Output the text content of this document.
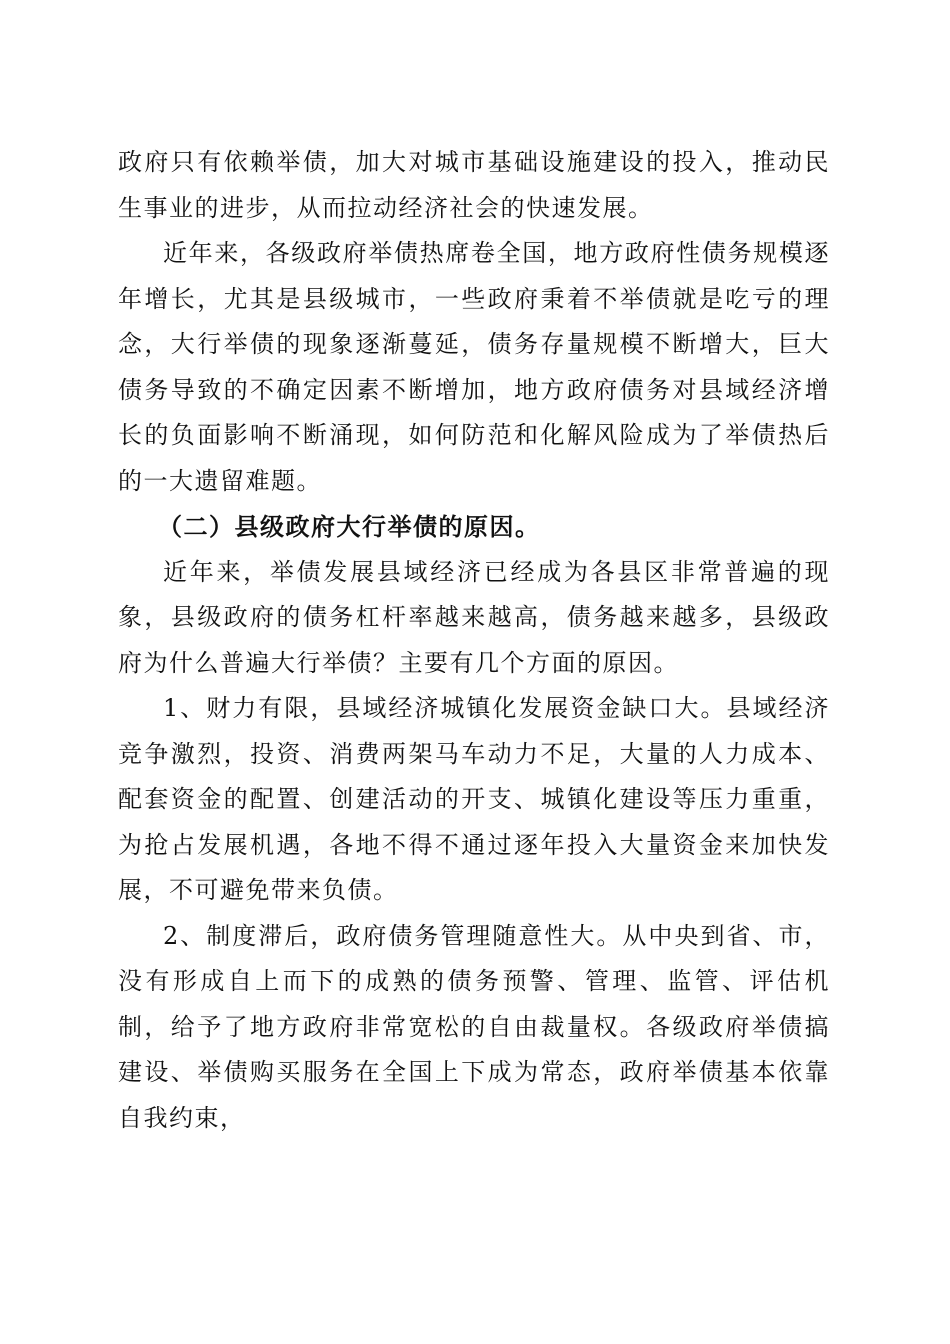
政府只有依赖举债，加大对城市基础设施建设的投入，推动民生事业的进步，从而拉动经济社会的快速发展。

近年来，各级政府举债热席卷全国，地方政府性债务规模逐年增长，尤其是县级城市，一些政府秉着不举债就是吃亏的理念，大行举债的现象逐渐蔓延，债务存量规模不断增大，巨大债务导致的不确定因素不断增加，地方政府债务对县域经济增长的负面影响不断涌现，如何防范和化解风险成为了举债热后的一大遗留难题。

（二）县级政府大行举债的原因。

近年来，举债发展县域经济已经成为各县区非常普遍的现象，县级政府的债务杠杆率越来越高，债务越来越多，县级政府为什么普遍大行举债？主要有几个方面的原因。

1、财力有限，县域经济城镇化发展资金缺口大。县域经济竞争激烈，投资、消费两架马车动力不足，大量的人力成本、配套资金的配置、创建活动的开支、城镇化建设等压力重重，为抢占发展机遇，各地不得不通过逐年投入大量资金来加快发展，不可避免带来负债。

2、制度滞后，政府债务管理随意性大。从中央到省、市，没有形成自上而下的成熟的债务预警、管理、监管、评估机制，给予了地方政府非常宽松的自由裁量权。各级政府举债搞建设、举债购买服务在全国上下成为常态，政府举债基本依靠自我约束，
